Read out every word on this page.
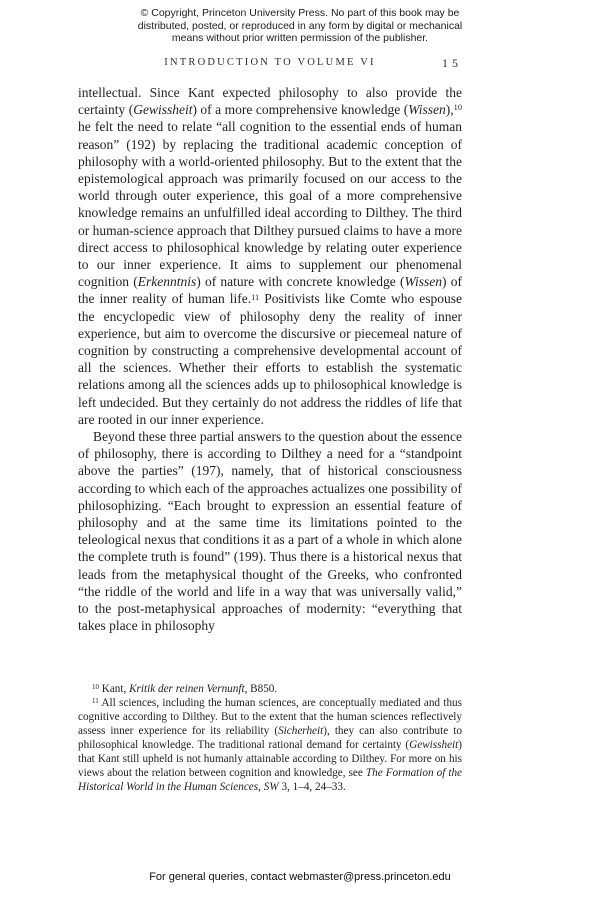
© Copyright, Princeton University Press. No part of this book may be distributed, posted, or reproduced in any form by digital or mechanical means without prior written permission of the publisher.
INTRODUCTION TO VOLUME VI	15

intellectual. Since Kant expected philosophy to also provide the certainty (Gewissheit) of a more comprehensive knowledge (Wissen),$^{10}$ he felt the need to relate “all cognition to the essential ends of human reason” (192) by replacing the traditional academic conception of philosophy with a world-oriented philosophy. But to the extent that the epistemological approach was primarily focused on our access to the world through outer experience, this goal of a more comprehensive knowledge remains an unfulfilled ideal according to Dilthey. The third or human-science approach that Dilthey pursued claims to have a more direct access to philosophical knowledge by relating outer experience to our inner experience. It aims to supplement our phenomenal cognition (Erkenntnis) of nature with concrete knowledge (Wissen) of the inner reality of human life.$^{11}$ Positivists like Comte who espouse the encyclopedic view of philosophy deny the reality of inner experience, but aim to overcome the discursive or piecemeal nature of cognition by constructing a comprehensive developmental account of all the sciences. Whether their efforts to establish the systematic relations among all the sciences adds up to philosophical knowledge is left undecided. But they certainly do not address the riddles of life that are rooted in our inner experience.

Beyond these three partial answers to the question about the essence of philosophy, there is according to Dilthey a need for a “standpoint above the parties” (197), namely, that of historical consciousness according to which each of the approaches actualizes one possibility of philosophizing. “Each brought to expression an essential feature of philosophy and at the same time its limitations pointed to the teleological nexus that conditions it as a part of a whole in which alone the complete truth is found” (199). Thus there is a historical nexus that leads from the metaphysical thought of the Greeks, who confronted “the riddle of the world and life in a way that was universally valid,” to the post-metaphysical approaches of modernity: “everything that takes place in philosophy

$^{10}$ Kant, Kritik der reinen Vernunft, B850.

$^{11}$ All sciences, including the human sciences, are conceptually mediated and thus cognitive according to Dilthey. But to the extent that the human sciences reflectively assess inner experience for its reliability (Sicherheit), they can also contribute to philosophical knowledge. The traditional rational demand for certainty (Gewissheit) that Kant still upheld is not humanly attainable according to Dilthey. For more on his views about the relation between cognition and knowledge, see The Formation of the Historical World in the Human Sciences, SW 3, 1–4, 24–33.

For general queries, contact webmaster@press.princeton.edu
